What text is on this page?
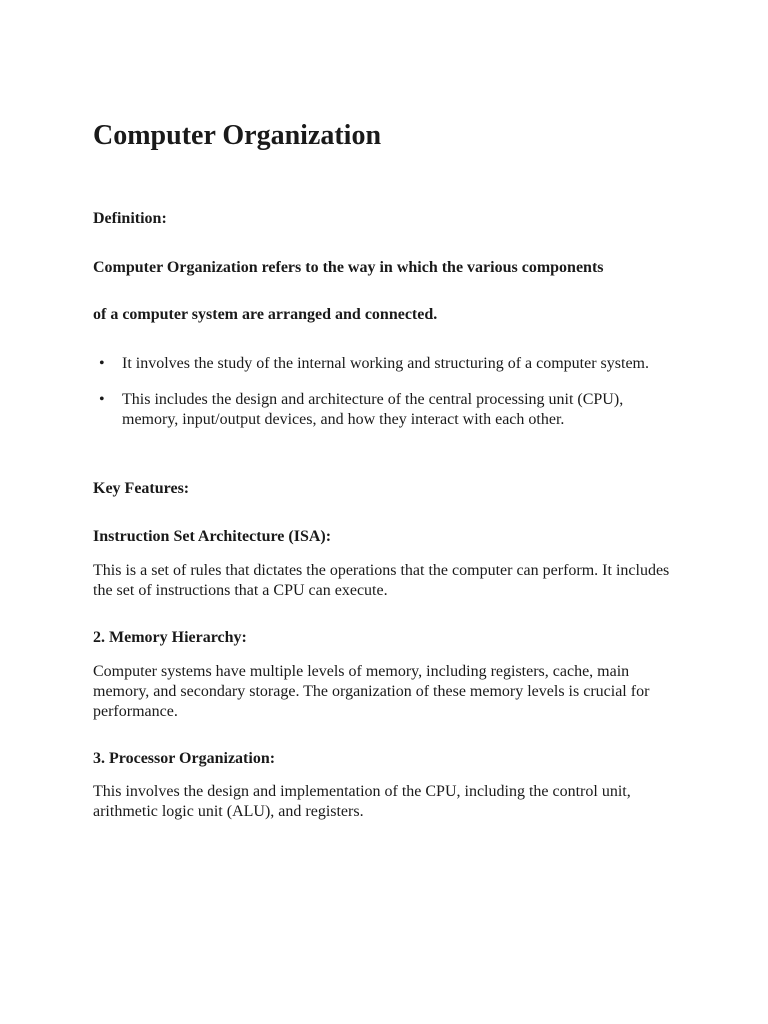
Computer Organization

Definition:

Computer Organization refers to the way in which the various components

of a computer system are arranged and connected.

• It involves the study of the internal working and structuring of a computer system.
• This includes the design and architecture of the central processing unit (CPU), memory, input/output devices, and how they interact with each other.

Key Features:

Instruction Set Architecture (ISA):

This is a set of rules that dictates the operations that the computer can perform. It includes the set of instructions that a CPU can execute.

2. Memory Hierarchy:

Computer systems have multiple levels of memory, including registers, cache, main memory, and secondary storage. The organization of these memory levels is crucial for performance.

3. Processor Organization:

This involves the design and implementation of the CPU, including the control unit, arithmetic logic unit (ALU), and registers.
